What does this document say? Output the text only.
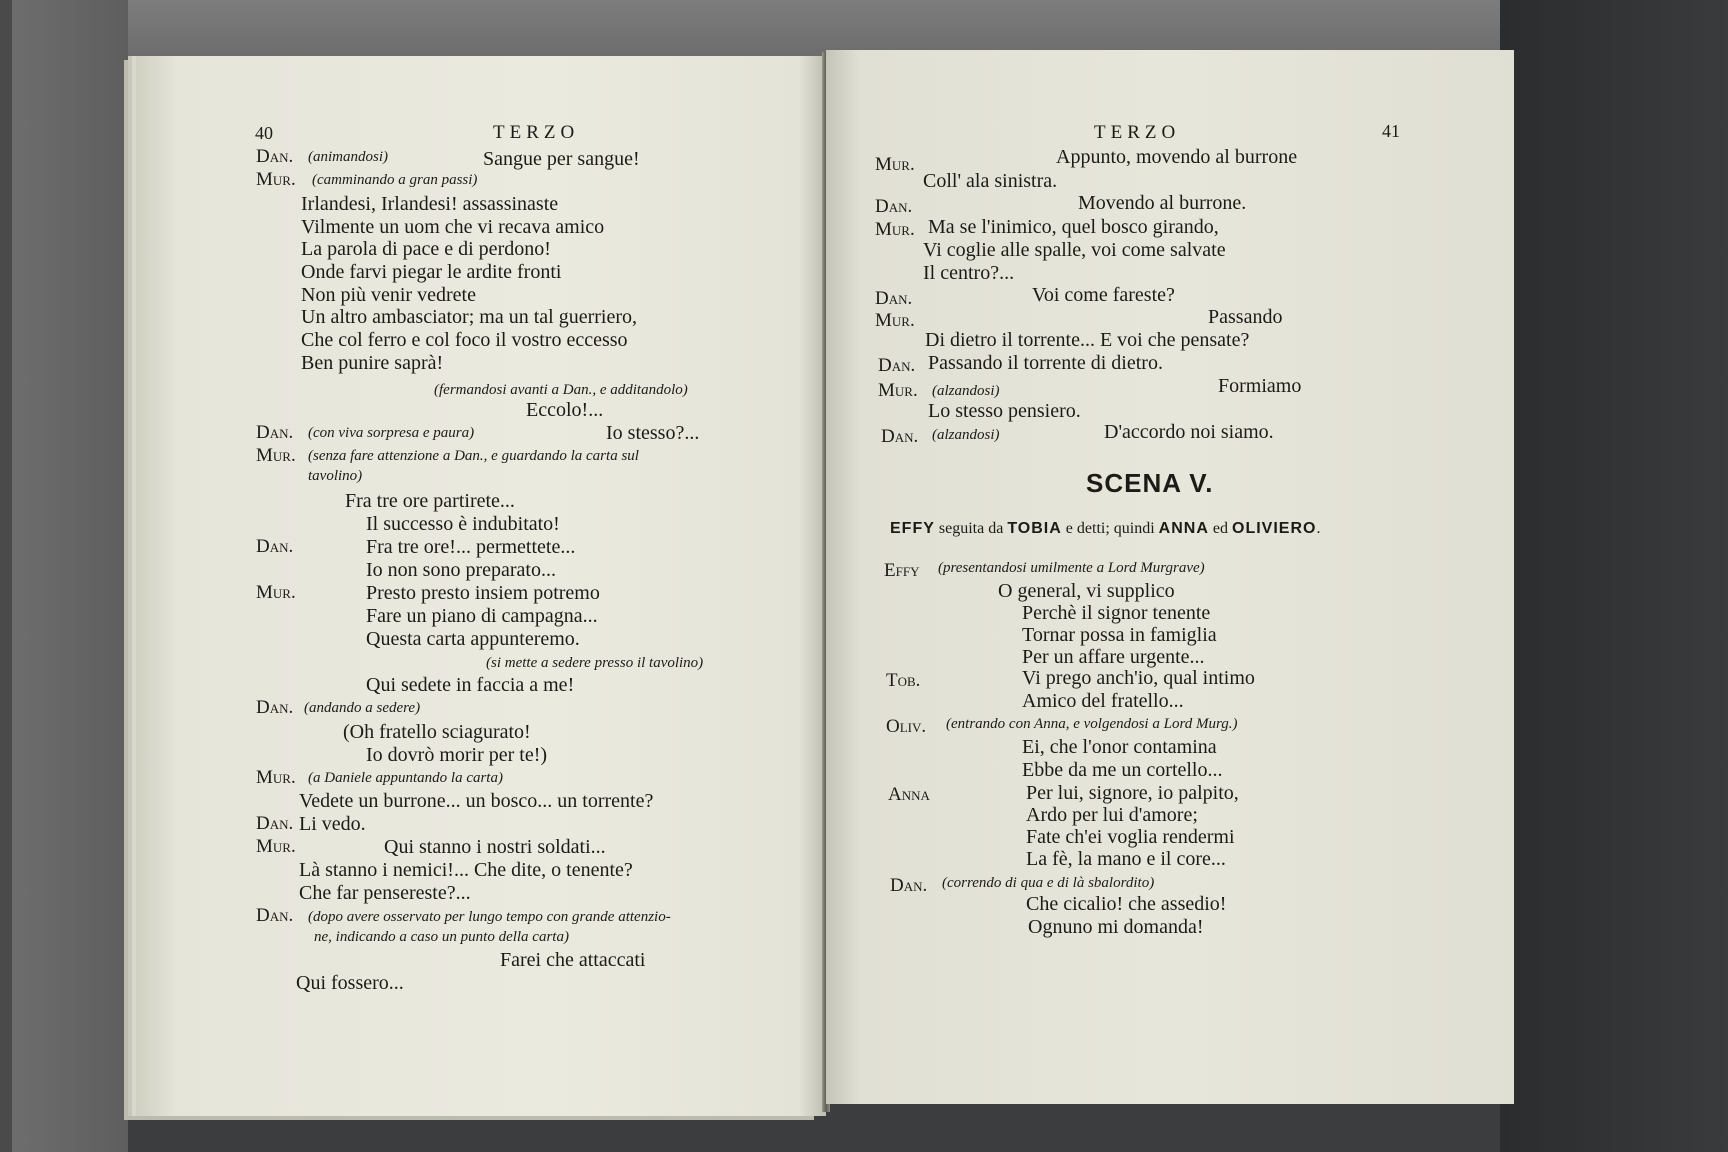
40	TERZO
Dan. (animandosi)	Sangue per sangue!
Mur. (camminando a gran passi)
Irlandesi, Irlandesi! assassinaste
Vilmente un uom che vi recava amico
La parola di pace e di perdono!
Onde farvi piegar le ardite fronti
Non più venir vedrete
Un altro ambasciator; ma un tal guerriero,
Che col ferro e col foco il vostro eccesso
Ben punire saprà!
(fermandosi avanti a Dan., e additandolo)
Eccolo!...
Dan. (con viva sorpresa e paura)	Io stesso?...
Mur. (senza fare attenzione a Dan., e guardando la carta sul
tavolino)
Fra tre ore partirete...
Il successo è indubitato!
Dan.	Fra tre ore!... permettete...
Io non sono preparato...
Mur.	Presto presto insiem potremo
Fare un piano di campagna...
Questa carta appunteremo.
(si mette a sedere presso il tavolino)
Qui sedete in faccia a me!
Dan. (andando a sedere)
(Oh fratello sciagurato!
Io dovrò morir per te!)
Mur. (a Daniele appuntando la carta)
Vedete un burrone... un bosco... un torrente?
Dan. Li vedo.
Mur.	Qui stanno i nostri soldati...
Là stanno i nemici!... Che dite, o tenente?
Che far pensereste?...
Dan. (dopo avere osservato per lungo tempo con grande attenzio-
ne, indicando a caso un punto della carta)
Farei che attaccati
Qui fossero...
TERZO	41
Mur.	Appunto, movendo al burrone
Coll' ala sinistra.
Dan.	Movendo al burrone.
Mur. Ma se l'inimico, quel bosco girando,
Vi coglie alle spalle, voi come salvate
Il centro?...
Dan.	Voi come fareste?
Mur.	Passando
Di dietro il torrente... E voi che pensate?
Dan. Passando il torrente di dietro.
Mur. (alzandosi)	Formiamo
Lo stesso pensiero.
Dan. (alzandosi)	D'accordo noi siamo.
SCENA V.
EFFY seguita da TOBIA e detti; quindi ANNA ed OLIVIERO.
Effy (presentandosi umilmente a Lord Murgrave)
O general, vi supplico
Perchè il signor tenente
Tornar possa in famiglia
Per un affare urgente...
Tob.	Vi prego anch'io, qual intimo
Amico del fratello...
Oliv. (entrando con Anna, e volgendosi a Lord Murg.)
Ei, che l'onor contamina
Ebbe da me un cortello...
Anna	Per lui, signore, io palpito,
Ardo per lui d'amore;
Fate ch'ei voglia rendermi
La fè, la mano e il core...
Dan. (correndo di qua e di là sbalordito)
Che cicalio! che assedio!
Ognuno mi domanda!
